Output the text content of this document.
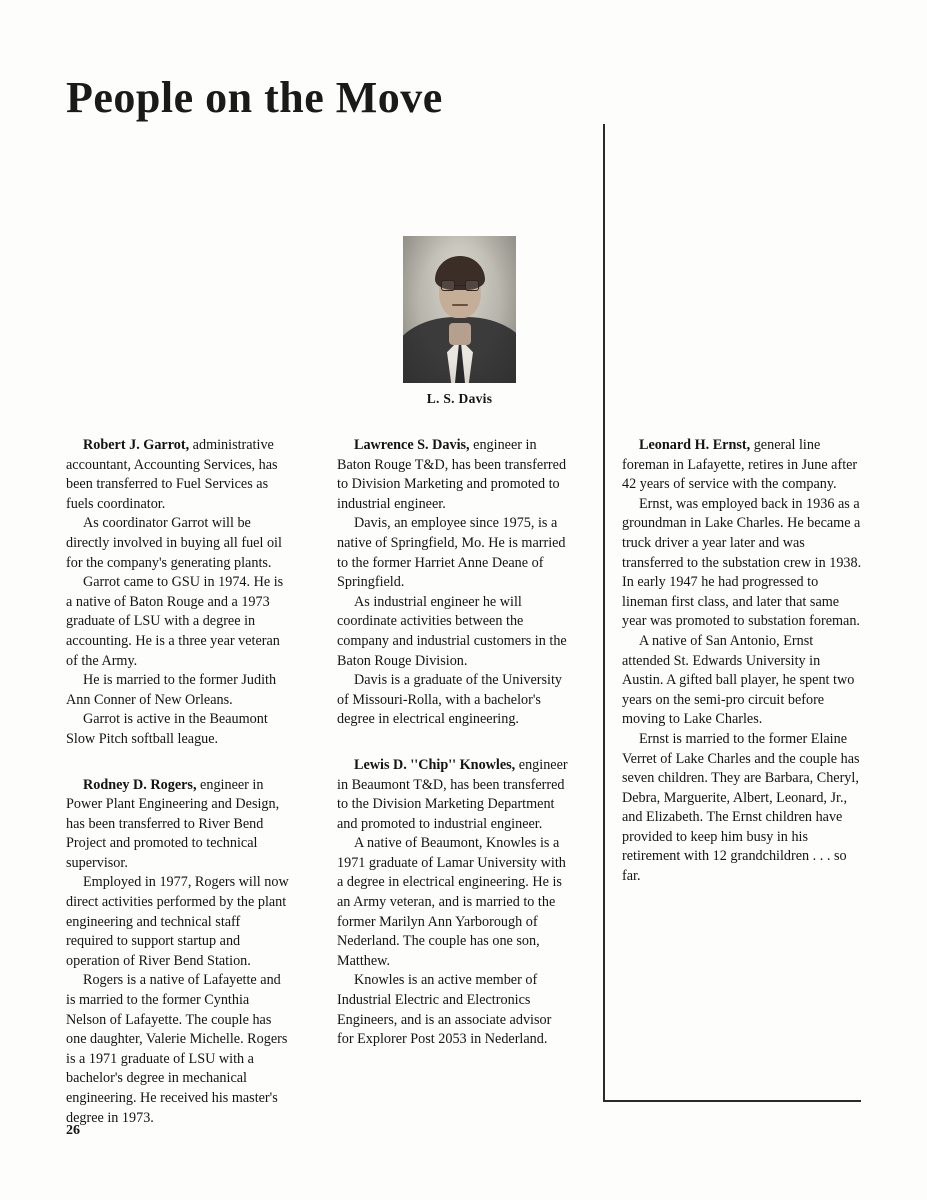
People on the Move
L. S. Davis

Robert J. Garrot, administrative accountant, Accounting Services, has been transferred to Fuel Services as fuels coordinator.

As coordinator Garrot will be directly involved in buying all fuel oil for the company's generating plants.

Garrot came to GSU in 1974. He is a native of Baton Rouge and a 1973 graduate of LSU with a degree in accounting. He is a three year veteran of the Army.

He is married to the former Judith Ann Conner of New Orleans.

Garrot is active in the Beaumont Slow Pitch softball league.

Rodney D. Rogers, engineer in Power Plant Engineering and Design, has been transferred to River Bend Project and promoted to technical supervisor.

Employed in 1977, Rogers will now direct activities performed by the plant engineering and technical staff required to support startup and operation of River Bend Station.

Rogers is a native of Lafayette and is married to the former Cynthia Nelson of Lafayette. The couple has one daughter, Valerie Michelle. Rogers is a 1971 graduate of LSU with a bachelor's degree in mechanical engineering. He received his master's degree in 1973.

Lawrence S. Davis, engineer in Baton Rouge T&D, has been transferred to Division Marketing and promoted to industrial engineer.

Davis, an employee since 1975, is a native of Springfield, Mo. He is married to the former Harriet Anne Deane of Springfield.

As industrial engineer he will coordinate activities between the company and industrial customers in the Baton Rouge Division.

Davis is a graduate of the University of Missouri-Rolla, with a bachelor's degree in electrical engineering.

Lewis D. ''Chip'' Knowles, engineer in Beaumont T&D, has been transferred to the Division Marketing Department and promoted to industrial engineer.

A native of Beaumont, Knowles is a 1971 graduate of Lamar University with a degree in electrical engineering. He is an Army veteran, and is married to the former Marilyn Ann Yarborough of Nederland. The couple has one son, Matthew.

Knowles is an active member of Industrial Electric and Electronics Engineers, and is an associate advisor for Explorer Post 2053 in Nederland.

Leonard H. Ernst, general line foreman in Lafayette, retires in June after 42 years of service with the company.

Ernst, was employed back in 1936 as a groundman in Lake Charles. He became a truck driver a year later and was transferred to the substation crew in 1938. In early 1947 he had progressed to lineman first class, and later that same year was promoted to substation foreman.

A native of San Antonio, Ernst attended St. Edwards University in Austin. A gifted ball player, he spent two years on the semi-pro circuit before moving to Lake Charles.

Ernst is married to the former Elaine Verret of Lake Charles and the couple has seven children. They are Barbara, Cheryl, Debra, Marguerite, Albert, Leonard, Jr., and Elizabeth. The Ernst children have provided to keep him busy in his retirement with 12 grandchildren . . . so far.

26
